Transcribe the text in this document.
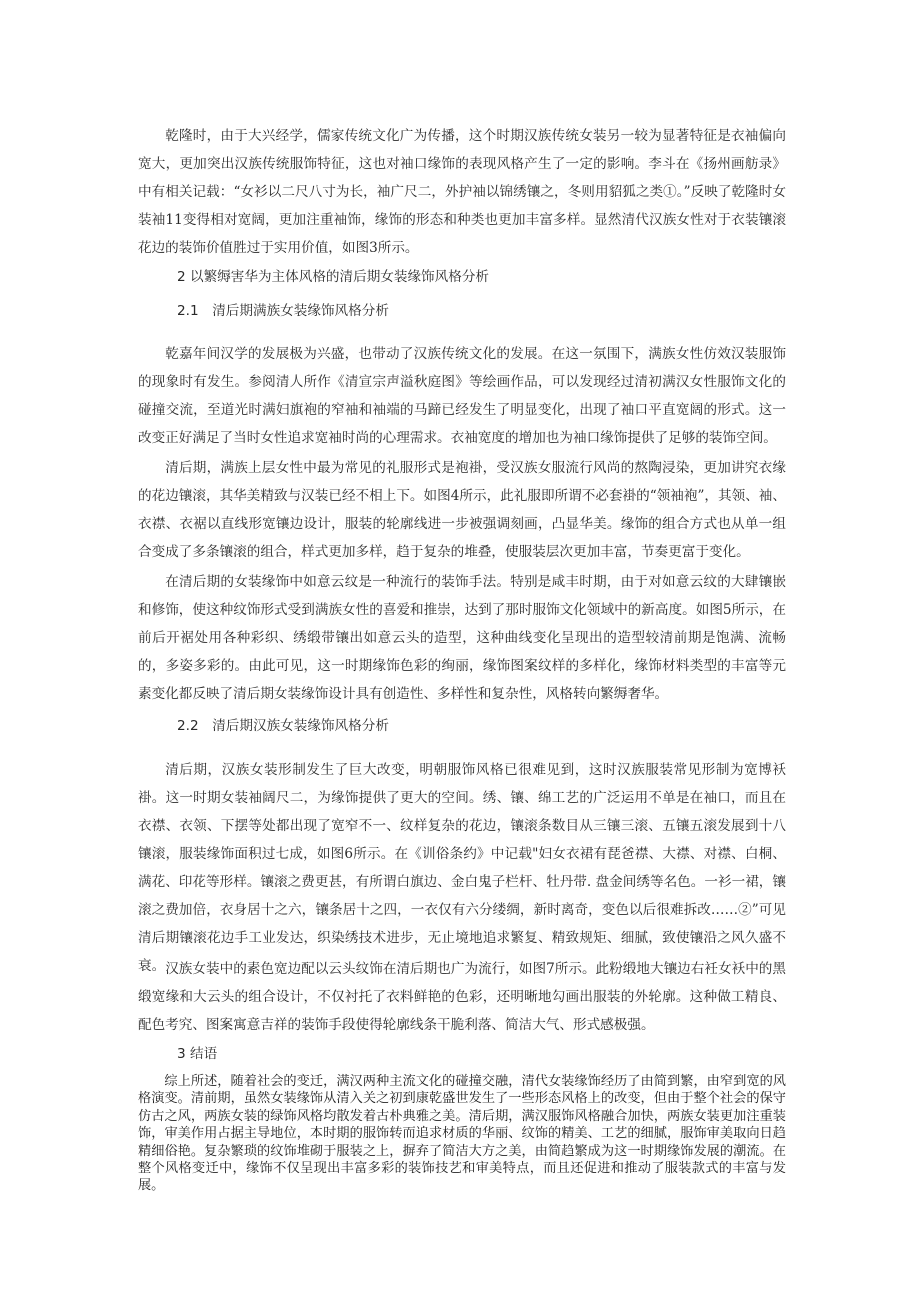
乾隆时，由于大兴经学，儒家传统文化广为传播，这个时期汉族传统女装另一较为显著特征是衣袖偏向宽大，更加突出汉族传统服饰特征，这也对袖口缘饰的表现风格产生了一定的影响。李斗在《扬州画舫录》中有相关记载：“女衫以二尺八寸为长，袖广尺二，外护袖以锦绣镶之，冬则用貂狐之类①。”反映了乾隆时女装袖11变得相对宽阔，更加注重袖饰，缘饰的形态和种类也更加丰富多样。显然清代汉族女性对于衣装镶滚花边的装饰价值胜过于实用价值，如图3所示。

2 以繁缛害华为主体风格的清后期女装缘饰风格分析

2.1　清后期满族女装缘饰风格分析

乾嘉年间汉学的发展极为兴盛，也带动了汉族传统文化的发展。在这一氛围下，满族女性仿效汉装服饰的现象时有发生。参阅清人所作《清宣宗声溢秋庭图》等绘画作品，可以发现经过清初满汉女性服饰文化的碰撞交流，至道光时满妇旗袍的窄袖和袖端的马蹄已经发生了明显变化，出现了袖口平直宽阔的形式。这一改变正好满足了当时女性追求宽袖时尚的心理需求。衣袖宽度的增加也为袖口缘饰提供了足够的装饰空间。

清后期，满族上层女性中最为常见的礼服形式是袍褂，受汉族女服流行风尚的熬陶浸染，更加讲究衣缘的花边镶滚，其华美精致与汉装已经不相上下。如图4所示，此礼服即所谓不必套褂的“领袖袍”，其领、袖、衣襟、衣裾以直线形宽镶边设计，服装的轮廓线进一步被强调刻画，凸显华美。缘饰的组合方式也从单一组合变成了多条镶滚的组合，样式更加多样，趋于复杂的堆叠，使服装层次更加丰富，节奏更富于变化。

在清后期的女装缘饰中如意云纹是一种流行的装饰手法。特别是咸丰时期，由于对如意云纹的大肆镶嵌和修饰，使这种纹饰形式受到满族女性的喜爱和推崇，达到了那时服饰文化领域中的新高度。如图5所示，在前后开裾处用各种彩织、绣缎带镶出如意云头的造型，这种曲线变化呈现出的造型较清前期是饱满、流畅的，多姿多彩的。由此可见，这一时期缘饰色彩的绚丽，缘饰图案纹样的多样化，缘饰材料类型的丰富等元素变化都反映了清后期女装缘饰设计具有创造性、多样性和复杂性，风格转向繁缛奢华。

2.2　清后期汉族女装缘饰风格分析

清后期，汉族女装形制发生了巨大改变，明朝服饰风格已很难见到，这时汉族服装常见形制为宽博袄褂。这一时期女装袖阔尺二，为缘饰提供了更大的空间。绣、镶、绵工艺的广泛运用不单是在袖口，而且在衣襟、衣领、下摆等处都出现了宽窄不一、纹样复杂的花边，镶滚条数目从三镶三滚、五镶五滚发展到十八镶滚，服装缘饰面积过七成，如图6所示。在《训俗条约》中记载"妇女衣裙有琵爸襟、大襟、对襟、白桐、满花、印花等形样。镶滚之费更甚，有所谓白旗边、金白鬼子栏杆、牡丹带. 盘金间绣等名色。一衫一裙，镶滚之费加倍，衣身居十之六，镶条居十之四，一衣仅有六分缕绸，新时离奇，变色以后很难拆改……②”可见清后期镶滚花边手工业发达，织染绣技术进步，无止境地追求繁复、精致规矩、细腻，致使镶沿之风久盛不衰。 汉族女装中的素色宽边配以云头纹饰在清后期也广为流行，如图7所示。此粉缎地大镶边右衽女袄中的黑缎宽缘和大云头的组合设计，不仅衬托了衣料鲜艳的色彩，还明晰地勾画出服装的外轮廓。这种做工精良、配色考究、图案寓意吉祥的装饰手段使得轮廓线条干脆利落、简洁大气、形式感极强。

3 结语

综上所述，随着社会的变迁，满汉两种主流文化的碰撞交融，清代女装缘饰经历了由简到繁，由窄到宽的风格演变。清前期，虽然女装缘饰从清入关之初到康乾盛世发生了一些形态风格上的改变，但由于整个社会的保守仿古之风，两族女装的绿饰风格均散发着古朴典雅之美。清后期，满汉服饰风格融合加快，两族女装更加注重装饰，审美作用占据主导地位，本时期的服饰转而追求材质的华丽、纹饰的精美、工艺的细腻，服饰审美取向日趋精细俗艳。复杂繁琐的纹饰堆砌于服装之上，摒弃了简洁大方之美，由简趋繁成为这一时期缘饰发展的潮流。在整个风格变迁中，缘饰不仅呈现出丰富多彩的装饰技艺和审美特点，而且还促进和推动了服装款式的丰富与发展。
